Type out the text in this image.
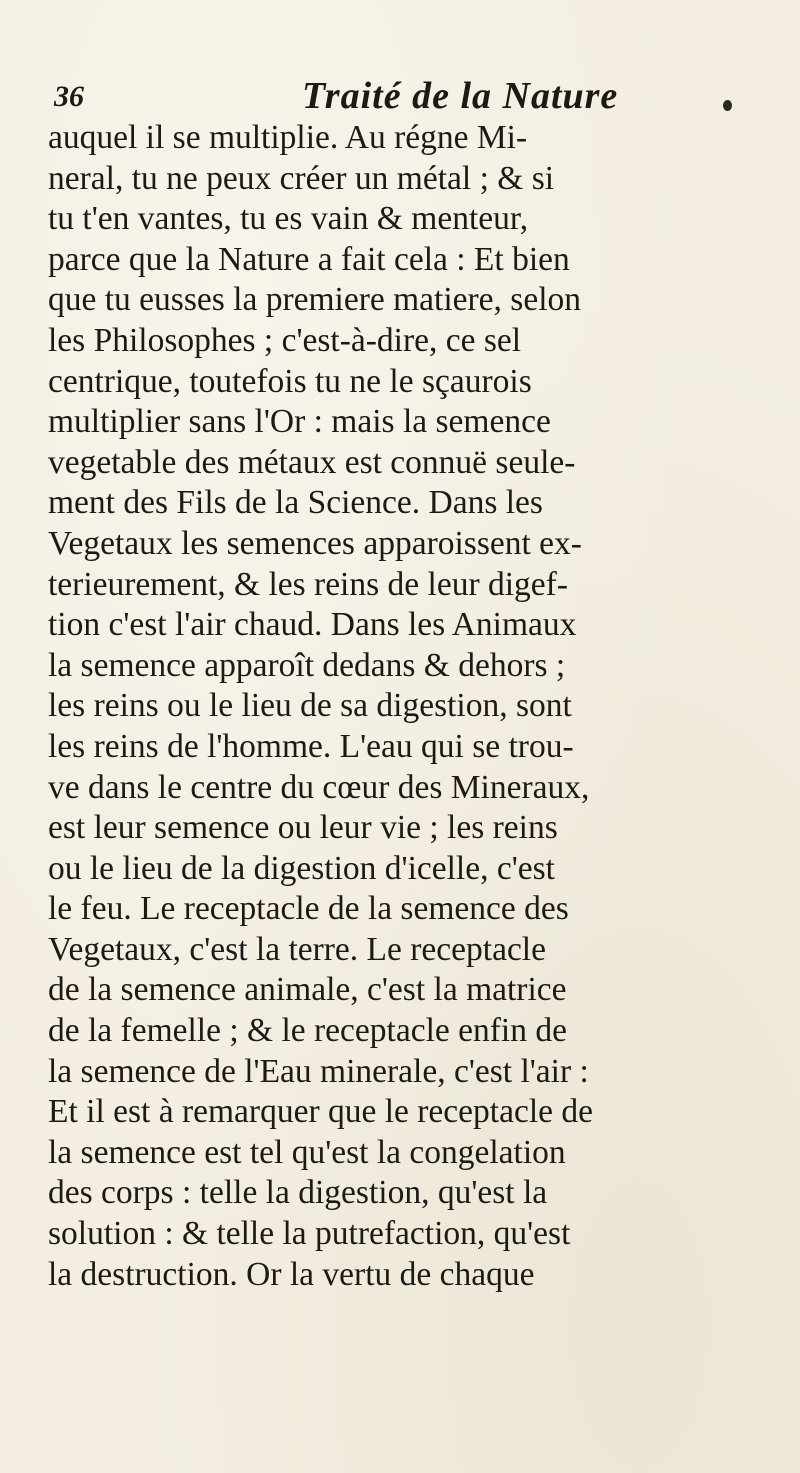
36	Traité de la Nature
auquel il se multiplie. Au régne Mi-
neral, tu ne peux créer un métal ; & si
tu t'en vantes, tu es vain & menteur,
parce que la Nature a fait cela : Et bien
que tu eusses la premiere matiere, selon
les Philosophes ; c'est-à-dire, ce sel
centrique, toutefois tu ne le sçaurois
multiplier sans l'Or : mais la semence
vegetable des métaux est connuë seule-
ment des Fils de la Science. Dans les
Vegetaux les semences apparoissent ex-
terieurement, & les reins de leur digef-
tion c'est l'air chaud. Dans les Animaux
la semence apparoît dedans & dehors ;
les reins ou le lieu de sa digestion, sont
les reins de l'homme. L'eau qui se trou-
ve dans le centre du cœur des Mineraux,
est leur semence ou leur vie ; les reins
ou le lieu de la digestion d'icelle, c'est
le feu. Le receptacle de la semence des
Vegetaux, c'est la terre. Le receptacle
de la semence animale, c'est la matrice
de la femelle ; & le receptacle enfin de
la semence de l'Eau minerale, c'est l'air :
Et il est à remarquer que le receptacle de
la semence est tel qu'est la congelation
des corps : telle la digestion, qu'est la
solution : & telle la putrefaction, qu'est
la destruction. Or la vertu de chaque
